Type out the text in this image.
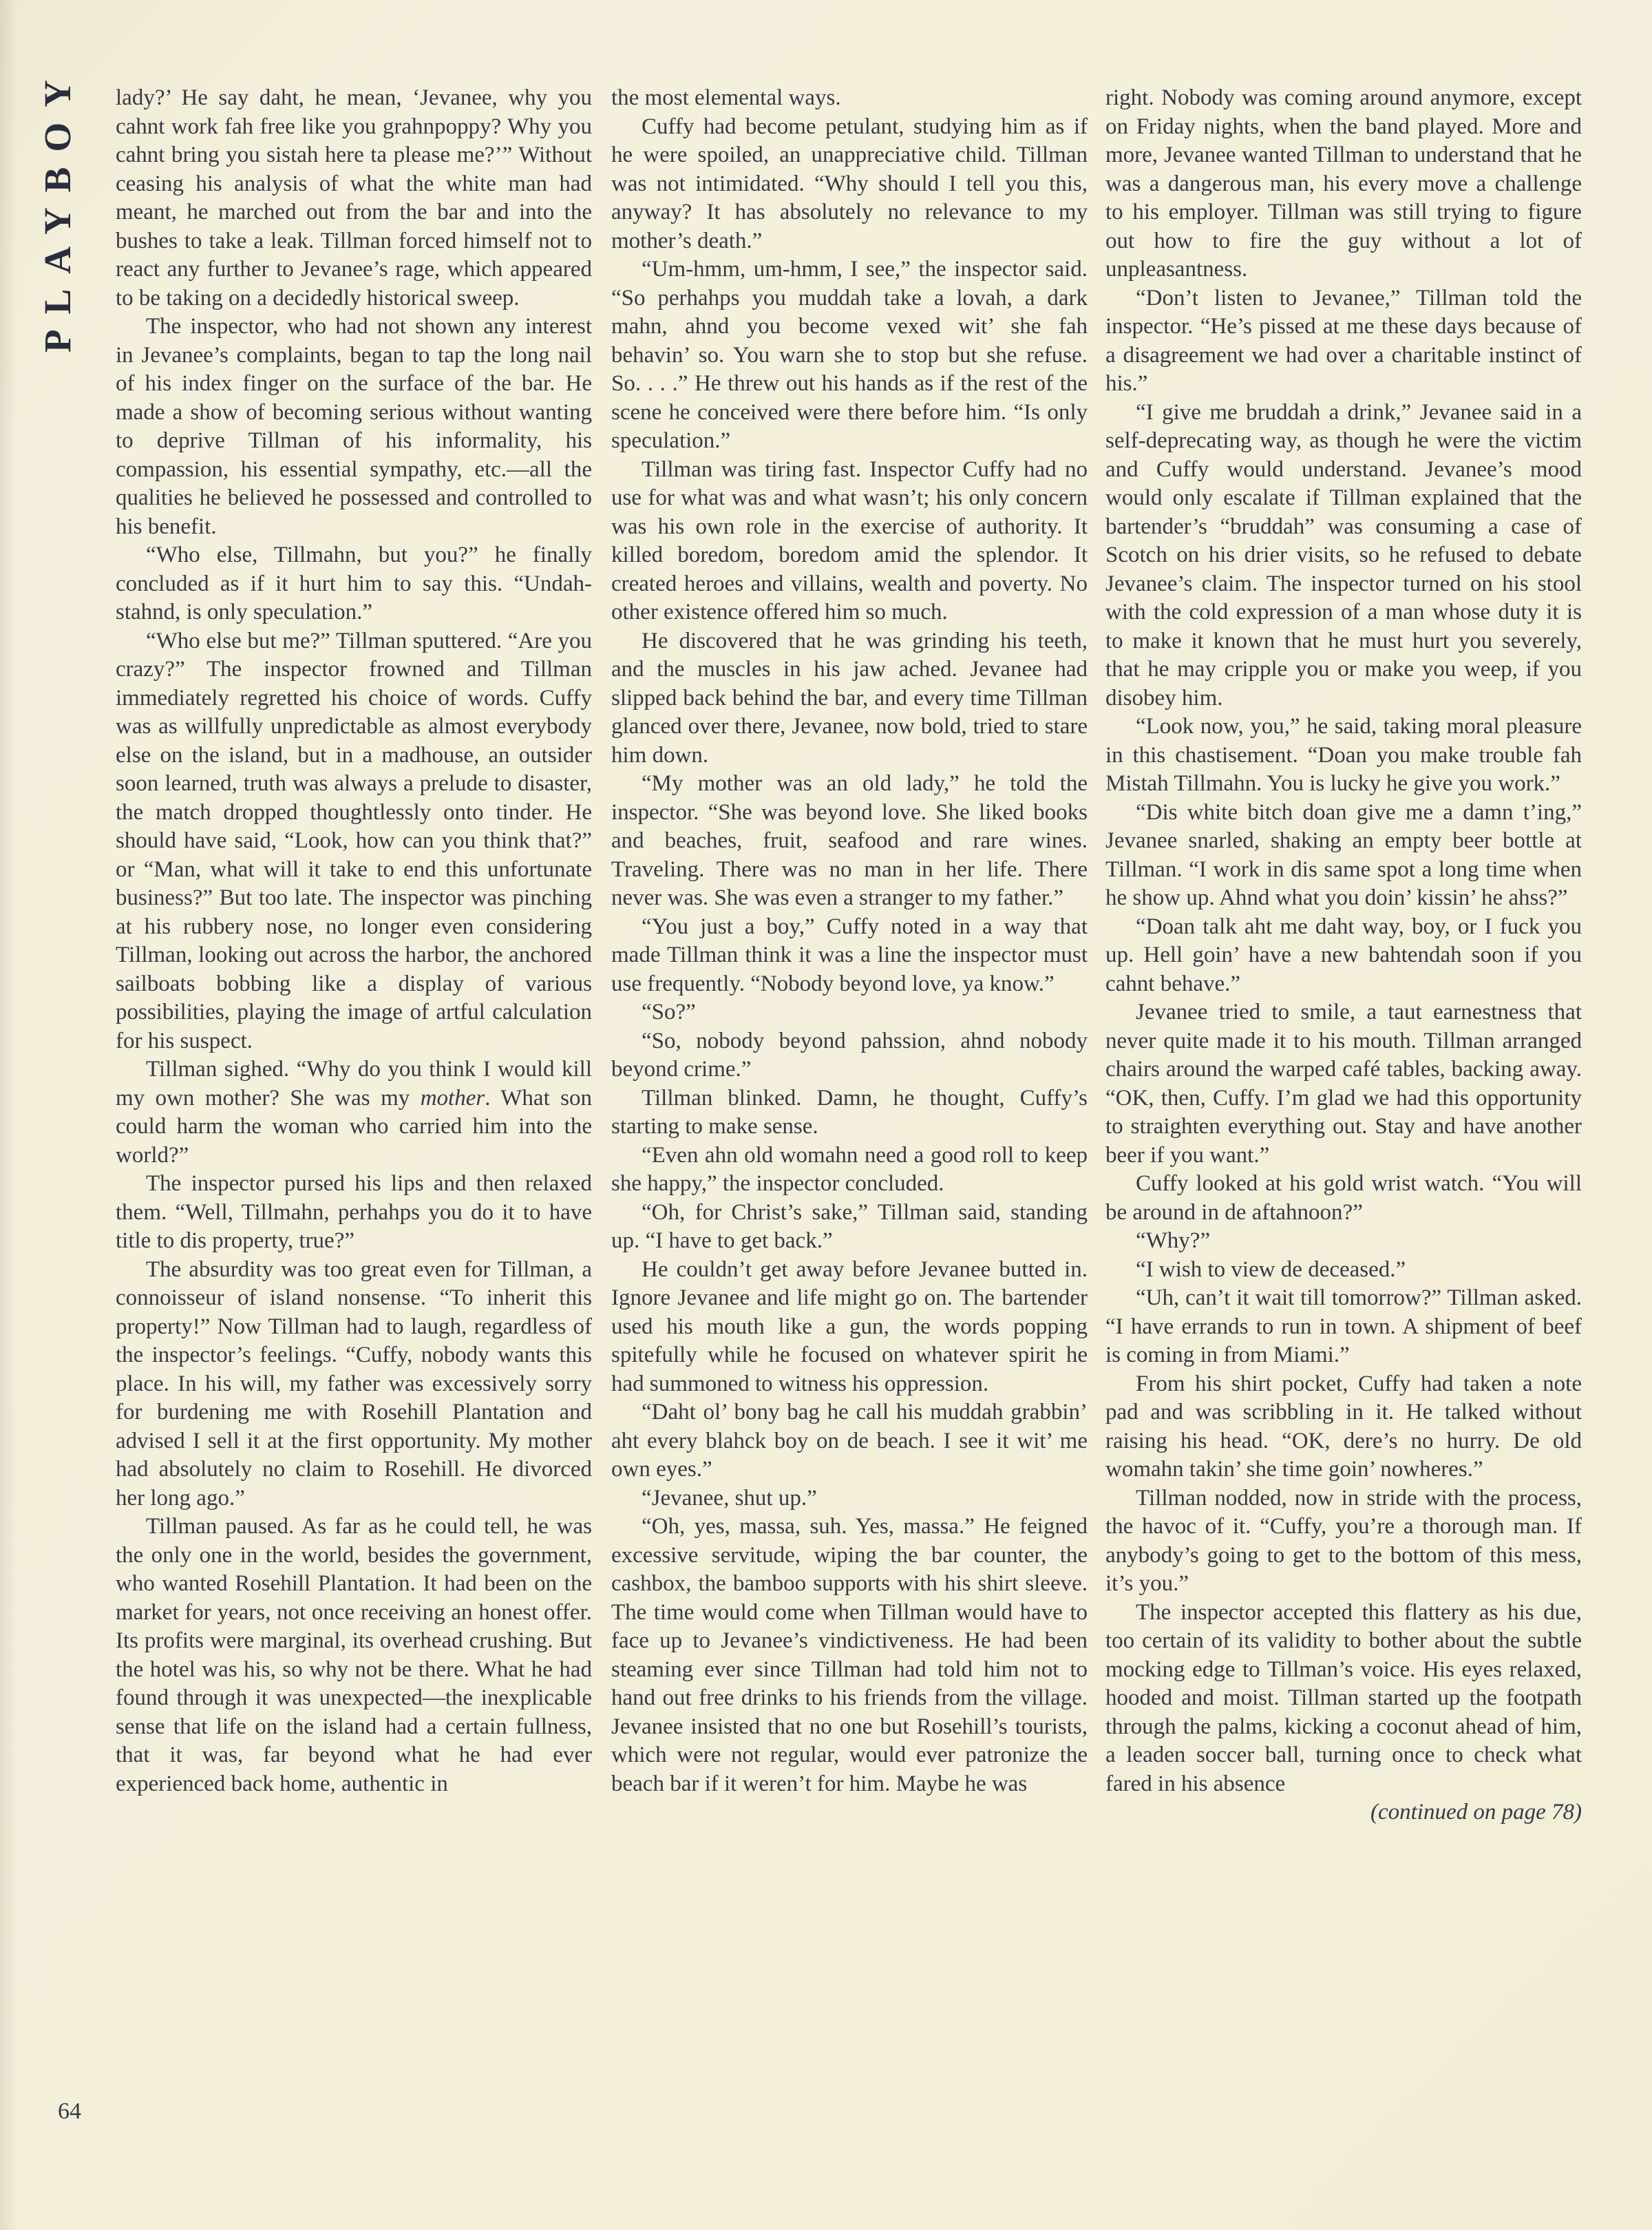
PLAYBOY lady?’ He say daht, he mean, ‘Jevanee, why you cahnt work fah free like you grahnpoppy? Why you cahnt bring you sistah here ta please me?’” Without ceasing his analysis of what the white man had meant, he marched out from the bar and into the bushes to take a leak. Tillman forced himself not to react any further to Jevanee’s rage, which appeared to be taking on a decidedly historical sweep.

The inspector, who had not shown any interest in Jevanee’s complaints, began to tap the long nail of his index finger on the surface of the bar. He made a show of becoming serious without wanting to deprive Tillman of his informality, his compassion, his essential sympathy, etc.—all the qualities he believed he possessed and controlled to his benefit.

“Who else, Tillmahn, but you?” he finally concluded as if it hurt him to say this. “Undah-stahnd, is only speculation.”

“Who else but me?” Tillman sputtered. “Are you crazy?” The inspector frowned and Tillman immediately regretted his choice of words. Cuffy was as willfully unpredictable as almost everybody else on the island, but in a madhouse, an outsider soon learned, truth was always a prelude to disaster, the match dropped thoughtlessly onto tinder. He should have said, “Look, how can you think that?” or “Man, what will it take to end this unfortunate business?” But too late. The inspector was pinching at his rubbery nose, no longer even considering Tillman, looking out across the harbor, the anchored sailboats bobbing like a display of various possibilities, playing the image of artful calculation for his suspect.

Tillman sighed. “Why do you think I would kill my own mother? She was my mother. What son could harm the woman who carried him into the world?”

The inspector pursed his lips and then relaxed them. “Well, Tillmahn, perhahps you do it to have title to dis property, true?”

The absurdity was too great even for Tillman, a connoisseur of island nonsense. “To inherit this property!” Now Tillman had to laugh, regardless of the inspector’s feelings. “Cuffy, nobody wants this place. In his will, my father was excessively sorry for burdening me with Rosehill Plantation and advised I sell it at the first opportunity. My mother had absolutely no claim to Rosehill. He divorced her long ago.”

Tillman paused. As far as he could tell, he was the only one in the world, besides the government, who wanted Rosehill Plantation. It had been on the market for years, not once receiving an honest offer. Its profits were marginal, its overhead crushing. But the hotel was his, so why not be there. What he had found through it was unexpected—the inexplicable sense that life on the island had a certain fullness, that it was, far beyond what he had ever experienced back home, authentic in

the most elemental ways.

Cuffy had become petulant, studying him as if he were spoiled, an unappreciative child. Tillman was not intimidated. “Why should I tell you this, anyway? It has absolutely no relevance to my mother’s death.”

“Um-hmm, um-hmm, I see,” the inspector said. “So perhahps you muddah take a lovah, a dark mahn, ahnd you become vexed wit’ she fah behavin’ so. You warn she to stop but she refuse. So. . . .” He threw out his hands as if the rest of the scene he conceived were there before him. “Is only speculation.”

Tillman was tiring fast. Inspector Cuffy had no use for what was and what wasn’t; his only concern was his own role in the exercise of authority. It killed boredom, boredom amid the splendor. It created heroes and villains, wealth and poverty. No other existence offered him so much.

He discovered that he was grinding his teeth, and the muscles in his jaw ached. Jevanee had slipped back behind the bar, and every time Tillman glanced over there, Jevanee, now bold, tried to stare him down.

“My mother was an old lady,” he told the inspector. “She was beyond love. She liked books and beaches, fruit, seafood and rare wines. Traveling. There was no man in her life. There never was. She was even a stranger to my father.”

“You just a boy,” Cuffy noted in a way that made Tillman think it was a line the inspector must use frequently. “Nobody beyond love, ya know.”

“So?”

“So, nobody beyond pahssion, ahnd nobody beyond crime.”

Tillman blinked. Damn, he thought, Cuffy’s starting to make sense.

“Even ahn old womahn need a good roll to keep she happy,” the inspector concluded.

“Oh, for Christ’s sake,” Tillman said, standing up. “I have to get back.”

He couldn’t get away before Jevanee butted in. Ignore Jevanee and life might go on. The bartender used his mouth like a gun, the words popping spitefully while he focused on whatever spirit he had summoned to witness his oppression.

“Daht ol’ bony bag he call his muddah grabbin’ aht every blahck boy on de beach. I see it wit’ me own eyes.”

“Jevanee, shut up.”

“Oh, yes, massa, suh. Yes, massa.” He feigned excessive servitude, wiping the bar counter, the cashbox, the bamboo supports with his shirt sleeve. The time would come when Tillman would have to face up to Jevanee’s vindictiveness. He had been steaming ever since Tillman had told him not to hand out free drinks to his friends from the village. Jevanee insisted that no one but Rosehill’s tourists, which were not regular, would ever patronize the beach bar if it weren’t for him. Maybe he was

right. Nobody was coming around anymore, except on Friday nights, when the band played. More and more, Jevanee wanted Tillman to understand that he was a dangerous man, his every move a challenge to his employer. Tillman was still trying to figure out how to fire the guy without a lot of unpleasantness.

“Don’t listen to Jevanee,” Tillman told the inspector. “He’s pissed at me these days because of a disagreement we had over a charitable instinct of his.”

“I give me bruddah a drink,” Jevanee said in a self-deprecating way, as though he were the victim and Cuffy would understand. Jevanee’s mood would only escalate if Tillman explained that the bartender’s “bruddah” was consuming a case of Scotch on his drier visits, so he refused to debate Jevanee’s claim. The inspector turned on his stool with the cold expression of a man whose duty it is to make it known that he must hurt you severely, that he may cripple you or make you weep, if you disobey him.

“Look now, you,” he said, taking moral pleasure in this chastisement. “Doan you make trouble fah Mistah Tillmahn. You is lucky he give you work.”

“Dis white bitch doan give me a damn t’ing,” Jevanee snarled, shaking an empty beer bottle at Tillman. “I work in dis same spot a long time when he show up. Ahnd what you doin’ kissin’ he ahss?”

“Doan talk aht me daht way, boy, or I fuck you up. Hell goin’ have a new bahtendah soon if you cahnt behave.”

Jevanee tried to smile, a taut earnestness that never quite made it to his mouth. Tillman arranged chairs around the warped café tables, backing away. “OK, then, Cuffy. I’m glad we had this opportunity to straighten everything out. Stay and have another beer if you want.”

Cuffy looked at his gold wrist watch. “You will be around in de aftahnoon?”

“Why?”

“I wish to view de deceased.”

“Uh, can’t it wait till tomorrow?” Tillman asked. “I have errands to run in town. A shipment of beef is coming in from Miami.”

From his shirt pocket, Cuffy had taken a note pad and was scribbling in it. He talked without raising his head. “OK, dere’s no hurry. De old womahn takin’ she time goin’ nowheres.”

Tillman nodded, now in stride with the process, the havoc of it. “Cuffy, you’re a thorough man. If anybody’s going to get to the bottom of this mess, it’s you.”

The inspector accepted this flattery as his due, too certain of its validity to bother about the subtle mocking edge to Tillman’s voice. His eyes relaxed, hooded and moist. Tillman started up the footpath through the palms, kicking a coconut ahead of him, a leaden soccer ball, turning once to check what fared in his absence

(continued on page 78)

64
